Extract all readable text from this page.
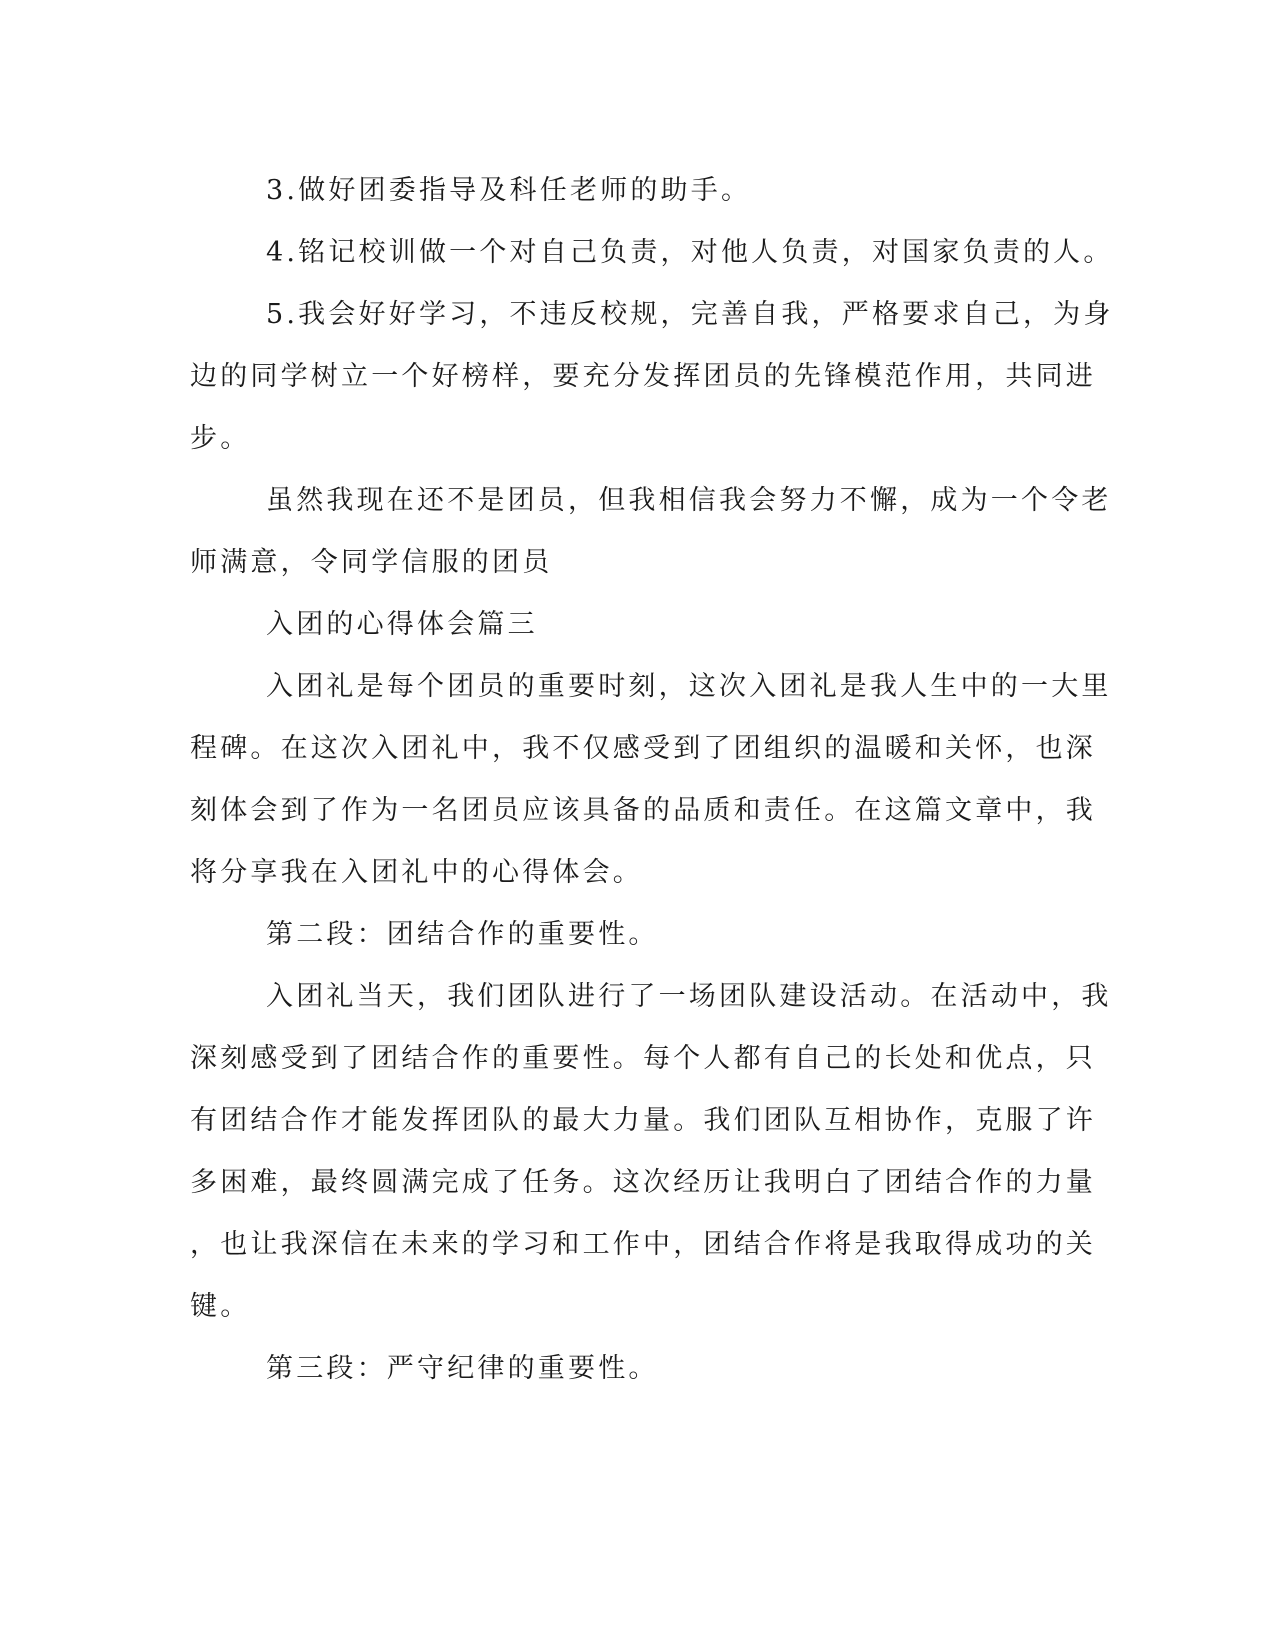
3.做好团委指导及科任老师的助手。

4.铭记校训做一个对自己负责，对他人负责，对国家负责的人。

5.我会好好学习，不违反校规，完善自我，严格要求自己，为身
边的同学树立一个好榜样，要充分发挥团员的先锋模范作用，共同进
步。

虽然我现在还不是团员，但我相信我会努力不懈，成为一个令老
师满意，令同学信服的团员

入团的心得体会篇三

入团礼是每个团员的重要时刻，这次入团礼是我人生中的一大里
程碑。在这次入团礼中，我不仅感受到了团组织的温暖和关怀，也深
刻体会到了作为一名团员应该具备的品质和责任。在这篇文章中，我
将分享我在入团礼中的心得体会。

第二段：团结合作的重要性。

入团礼当天，我们团队进行了一场团队建设活动。在活动中，我
深刻感受到了团结合作的重要性。每个人都有自己的长处和优点，只
有团结合作才能发挥团队的最大力量。我们团队互相协作，克服了许
多困难，最终圆满完成了任务。这次经历让我明白了团结合作的力量
，也让我深信在未来的学习和工作中，团结合作将是我取得成功的关
键。

第三段：严守纪律的重要性。
